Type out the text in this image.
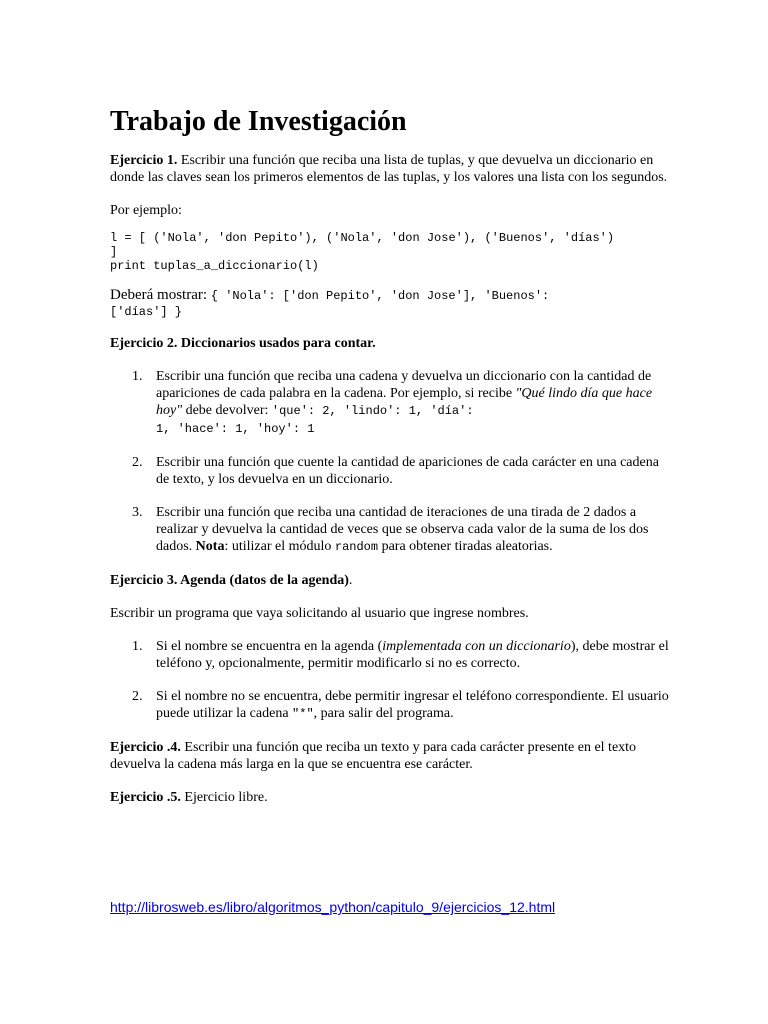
Trabajo de Investigación

Ejercicio 1. Escribir una función que reciba una lista de tuplas, y que devuelva un diccionario en donde las claves sean los primeros elementos de las tuplas, y los valores una lista con los segundos.

Por ejemplo:

l = [ ('Nola', 'don Pepito'), ('Nola', 'don Jose'), ('Buenos', 'días')

]

print tuplas_a_diccionario(l)

Deberá mostrar: { 'Nola': ['don Pepito', 'don Jose'], 'Buenos':

['días'] }

Ejercicio 2. Diccionarios usados para contar.

1. Escribir una función que reciba una cadena y devuelva un diccionario con la cantidad de apariciones de cada palabra en la cadena. Por ejemplo, si recibe "Qué lindo día que hace hoy" debe devolver: 'que': 2, 'lindo': 1, 'día':
1, 'hace': 1, 'hoy': 1
2. Escribir una función que cuente la cantidad de apariciones de cada carácter en una cadena de texto, y los devuelva en un diccionario.
3. Escribir una función que reciba una cantidad de iteraciones de una tirada de 2 dados a realizar y devuelva la cantidad de veces que se observa cada valor de la suma de los dos dados. Nota: utilizar el módulo random para obtener tiradas aleatorias.

Ejercicio 3. Agenda (datos de la agenda).

Escribir un programa que vaya solicitando al usuario que ingrese nombres.

1. Si el nombre se encuentra en la agenda (implementada con un diccionario), debe mostrar el teléfono y, opcionalmente, permitir modificarlo si no es correcto.
2. Si el nombre no se encuentra, debe permitir ingresar el teléfono correspondiente. El usuario puede utilizar la cadena "*", para salir del programa.

Ejercicio .4. Escribir una función que reciba un texto y para cada carácter presente en el texto devuelva la cadena más larga en la que se encuentra ese carácter.

Ejercicio .5. Ejercicio libre.

http://librosweb.es/libro/algoritmos_python/capitulo_9/ejercicios_12.html
